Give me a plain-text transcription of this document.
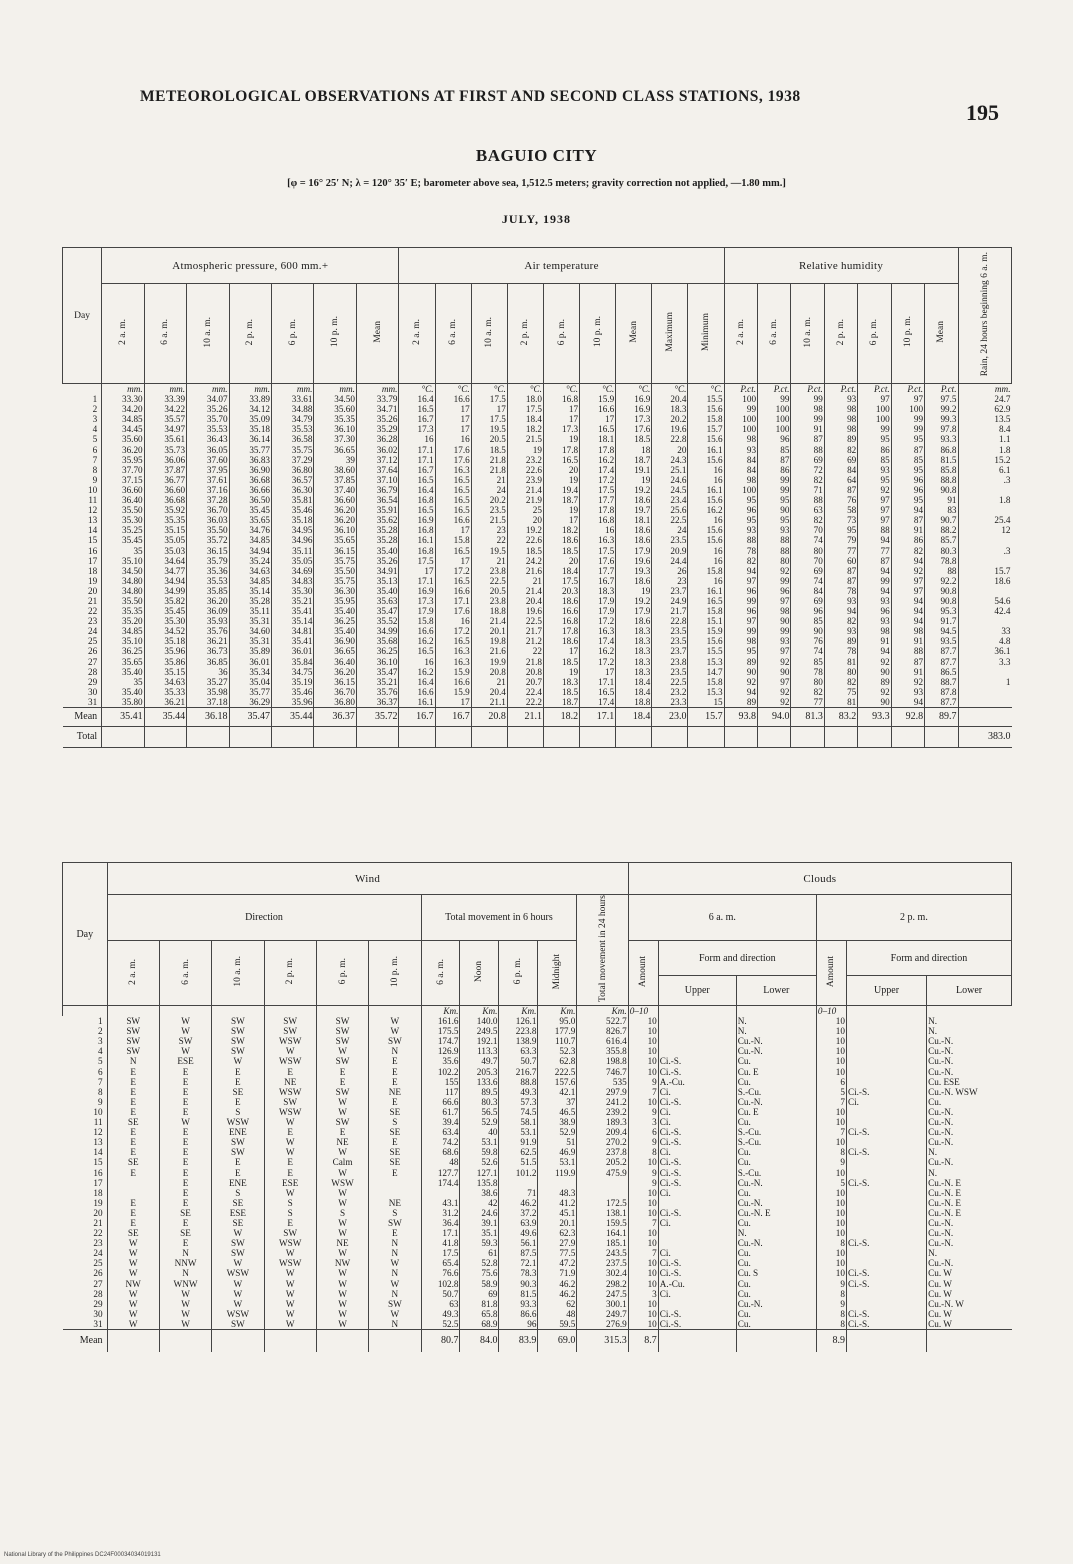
METEOROLOGICAL OBSERVATIONS AT FIRST AND SECOND CLASS STATIONS, 1938
195
BAGUIO CITY
[φ = 16° 25′ N; λ = 120° 35′ E; barometer above sea, 1,512.5 meters; gravity correction not applied, —1.80 mm.]
JULY, 1938
Day	Atmospheric pressure, 600 mm.+							Air temperature									Relative humidity							Rain, 24 hours beginning 6 a. m.
	2 a. m.	6 a. m.	10 a. m.	2 p. m.	6 p. m.	10 p. m.	Mean	2 a. m.	6 a. m.	10 a. m.	2 p. m.	6 p. m.	10 p. m.	Mean	Maximum	Minimum	2 a. m.	6 a. m.	10 a. m.	2 p. m.	6 p. m.	10 p. m.	Mean	
	mm.	mm.	mm.	mm.	mm.	mm.	mm.	°C.	°C.	°C.	°C.	°C.	°C.	°C.	°C.	°C.	P.ct.	P.ct.	P.ct.	P.ct.	P.ct.	P.ct.	P.ct.	mm.
1	33.30	33.39	34.07	33.89	33.61	34.50	33.79	16.4	16.6	17.5	18.0	16.8	15.9	16.9	20.4	15.5	100	99	99	93	97	97	97.5	24.7
2	34.20	34.22	35.26	34.12	34.88	35.60	34.71	16.5	17	17	17.5	17	16.6	16.9	18.3	15.6	99	100	98	98	100	100	99.2	62.9
3	34.85	35.57	35.70	35.09	34.79	35.35	35.26	16.7	17	17.5	18.4	17	17	17.3	20.2	15.8	100	100	99	98	100	99	99.3	13.5
4	34.45	34.97	35.53	35.18	35.53	36.10	35.29	17.3	17	19.5	18.2	17.3	16.5	17.6	19.6	15.7	100	100	91	98	99	99	97.8	8.4
5	35.60	35.61	36.43	36.14	36.58	37.30	36.28	16	16	20.5	21.5	19	18.1	18.5	22.8	15.6	98	96	87	89	95	95	93.3	1.1
6	36.20	35.73	36.05	35.77	35.75	36.65	36.02	17.1	17.6	18.5	19	17.8	17.8	18	20	16.1	93	85	88	82	86	87	86.8	1.8
7	35.95	36.06	37.60	36.83	37.29	39	37.12	17.1	17.6	21.8	23.2	16.5	16.2	18.7	24.3	15.6	84	87	69	69	85	85	81.5	15.2
8	37.70	37.87	37.95	36.90	36.80	38.60	37.64	16.7	16.3	21.8	22.6	20	17.4	19.1	25.1	16	84	86	72	84	93	95	85.8	6.1
9	37.15	36.77	37.61	36.68	36.57	37.85	37.10	16.5	16.5	21	23.9	19	17.2	19	24.6	16	98	99	82	64	95	96	88.8	.3
10	36.60	36.60	37.16	36.66	36.30	37.40	36.79	16.4	16.5	24	21.4	19.4	17.5	19.2	24.5	16.1	100	99	71	87	92	96	90.8	
11	36.40	36.68	37.28	36.50	35.81	36.60	36.54	16.8	16.5	20.2	21.9	18.7	17.7	18.6	23.4	15.6	95	95	88	76	97	95	91	1.8
12	35.50	35.92	36.70	35.45	35.46	36.20	35.91	16.5	16.5	23.5	25	19	17.8	19.7	25.6	16.2	96	90	63	58	97	94	83	
13	35.30	35.35	36.03	35.65	35.18	36.20	35.62	16.9	16.6	21.5	20	17	16.8	18.1	22.5	16	95	95	82	73	97	87	90.7	25.4
14	35.25	35.15	35.50	34.76	34.95	36.10	35.28	16.8	17	23	19.2	18.2	16	18.6	24	15.6	93	93	70	95	88	91	88.2	12
15	35.45	35.05	35.72	34.85	34.96	35.65	35.28	16.1	15.8	22	22.6	18.6	16.3	18.6	23.5	15.6	88	88	74	79	94	86	85.7	
16	35	35.03	36.15	34.94	35.11	36.15	35.40	16.8	16.5	19.5	18.5	18.5	17.5	17.9	20.9	16	78	88	80	77	77	82	80.3	.3
17	35.10	34.64	35.79	35.24	35.05	35.75	35.26	17.5	17	21	24.2	20	17.6	19.6	24.4	16	82	80	70	60	87	94	78.8	
18	34.50	34.77	35.36	34.63	34.69	35.50	34.91	17	17.2	23.8	21.6	18.4	17.7	19.3	26	15.8	94	92	69	87	94	92	88	15.7
19	34.80	34.94	35.53	34.85	34.83	35.75	35.13	17.1	16.5	22.5	21	17.5	16.7	18.6	23	16	97	99	74	87	99	97	92.2	18.6
20	34.80	34.99	35.85	35.14	35.30	36.30	35.40	16.9	16.6	20.5	21.4	20.3	18.3	19	23.7	16.1	96	96	84	78	94	97	90.8	
21	35.50	35.82	36.20	35.28	35.21	35.95	35.63	17.3	17.1	23.8	20.4	18.6	17.9	19.2	24.9	16.5	99	97	69	93	93	94	90.8	54.6
22	35.35	35.45	36.09	35.11	35.41	35.40	35.47	17.9	17.6	18.8	19.6	16.6	17.9	17.9	21.7	15.8	96	98	96	94	96	94	95.3	42.4
23	35.20	35.30	35.93	35.31	35.14	36.25	35.52	15.8	16	21.4	22.5	16.8	17.2	18.6	22.8	15.1	97	90	85	82	93	94	91.7	
24	34.85	34.52	35.76	34.60	34.81	35.40	34.99	16.6	17.2	20.1	21.7	17.8	16.3	18.3	23.5	15.9	99	99	90	93	98	98	94.5	33
25	35.10	35.18	36.21	35.31	35.41	36.90	35.68	16.2	16.5	19.8	21.2	18.6	17.4	18.3	23.5	15.6	98	93	76	89	91	91	93.5	4.8
26	36.25	35.96	36.73	35.89	36.01	36.65	36.25	16.5	16.3	21.6	22	17	16.2	18.3	23.7	15.5	95	97	74	78	94	88	87.7	36.1
27	35.65	35.86	36.85	36.01	35.84	36.40	36.10	16	16.3	19.9	21.8	18.5	17.2	18.3	23.8	15.3	89	92	85	81	92	87	87.7	3.3
28	35.40	35.15	36	35.34	34.75	36.20	35.47	16.2	15.9	20.8	20.8	19	17	18.3	23.5	14.7	90	90	78	80	90	91	86.5	
29	35	34.63	35.27	35.04	35.19	36.15	35.21	16.4	16.6	21	20.7	18.3	17.1	18.4	22.5	15.8	92	97	80	82	89	92	88.7	1
30	35.40	35.33	35.98	35.77	35.46	36.70	35.76	16.6	15.9	20.4	22.4	18.5	16.5	18.4	23.2	15.3	94	92	82	75	92	93	87.8	
31	35.80	36.21	37.18	36.29	35.96	36.80	36.37	16.1	17	21.1	22.2	18.7	17.4	18.8	23.3	15	89	92	77	81	90	94	87.7	
Mean	35.41	35.44	36.18	35.47	35.44	36.37	35.72	16.7	16.7	20.8	21.1	18.2	17.1	18.4	23.0	15.7	93.8	94.0	81.3	83.2	93.3	92.8	89.7	
Total																								383.0
Day	Wind											Clouds					
	Direction						Total movement in 6 hours				Total movement in 24 hours	6 a. m.			2 p. m.		
	2 a. m.	6 a. m.	10 a. m.	2 p. m.	6 p. m.	10 p. m.	6 a. m.	Noon	6 p. m.	Midnight		Amount	Form and direction		Amount	Form and direction	
													Upper	Lower		Upper	Lower
							Km.	Km.	Km.	Km.	Km.	0–10			0–10		
1	SW	W	SW	SW	SW	W	161.6	140.0	126.1	95.0	522.7	10		N.	10		N.
2	SW	W	SW	SW	SW	W	175.5	249.5	223.8	177.9	826.7	10		N.	10		N.
3	SW	SW	SW	WSW	SW	SW	174.7	192.1	138.9	110.7	616.4	10		Cu.-N.	10		Cu.-N.
4	SW	W	SW	W	W	N	126.9	113.3	63.3	52.3	355.8	10		Cu.-N.	10		Cu.-N.
5	N	ESE	W	WSW	SW	E	35.6	49.7	50.7	62.8	198.8	10	Ci.-S.	Cu.	10		Cu.-N.
6	E	E	E	E	E	E	102.2	205.3	216.7	222.5	746.7	10	Ci.-S.	Cu. E	10		Cu.-N.
7	E	E	E	NE	E	E	155	133.6	88.8	157.6	535	9	A.-Cu.	Cu.	6		Cu. ESE
8	E	E	SE	WSW	SW	NE	117	89.5	49.3	42.1	297.9	7	Ci.	S.-Cu.	5	Ci.-S.	Cu.-N. WSW
9	E	E	E	SW	W	E	66.6	80.3	57.3	37	241.2	10	Ci.-S.	Cu.-N.	7	Ci.	Cu.
10	E	E	S	WSW	W	SE	61.7	56.5	74.5	46.5	239.2	9	Ci.	Cu. E	10		Cu.-N.
11	SE	W	WSW	W	SW	S	39.4	52.9	58.1	38.9	189.3	3	Ci.	Cu.	10		Cu.-N.
12	E	E	ENE	E	E	SE	63.4	40	53.1	52.9	209.4	6	Ci.-S.	S.-Cu.	7	Ci.-S.	Cu.-N.
13	E	E	SW	W	NE	E	74.2	53.1	91.9	51	270.2	9	Ci.-S.	S.-Cu.	10		Cu.-N.
14	E	E	SW	W	W	SE	68.6	59.8	62.5	46.9	237.8	8	Ci.	Cu.	8	Ci.-S.	N.
15	SE	E	E	E	Calm	SE	48	52.6	51.5	53.1	205.2	10	Ci.-S.	Cu.	9		Cu.-N.
16	E	E	E	E	W	E	127.7	127.1	101.2	119.9	475.9	9	Ci.-S.	S.-Cu.	10		N.
17		E	ENE	ESE	WSW		174.4	135.8				9	Ci.-S.	Cu.-N.	5	Ci.-S.	Cu.-N. E
18		E	S	W	W			38.6	71	48.3		10	Ci.	Cu.	10		Cu.-N. E
19	E	E	SE	S	W	NE	43.1	42	46.2	41.2	172.5	10		Cu.-N.	10		Cu.-N. E
20	E	SE	ESE	S	S	S	31.2	24.6	37.2	45.1	138.1	10	Ci.-S.	Cu.-N. E	10		Cu.-N. E
21	E	E	SE	E	W	SW	36.4	39.1	63.9	20.1	159.5	7	Ci.	Cu.	10		Cu.-N.
22	SE	SE	W	SW	W	E	17.1	35.1	49.6	62.3	164.1	10		N.	10		Cu.-N.
23	W	E	SW	WSW	NE	N	41.8	59.3	56.1	27.9	185.1	10		Cu.-N.	8	Ci.-S.	Cu.-N.
24	W	N	SW	W	W	N	17.5	61	87.5	77.5	243.5	7	Ci.	Cu.	10		N.
25	W	NNW	W	WSW	NW	W	65.4	52.8	72.1	47.2	237.5	10	Ci.-S.	Cu.	10		Cu.-N.
26	W	N	WSW	W	W	N	76.6	75.6	78.3	71.9	302.4	10	Ci.-S.	Cu. S	10	Ci.-S.	Cu. W
27	NW	WNW	W	W	W	W	102.8	58.9	90.3	46.2	298.2	10	A.-Cu.	Cu.	9	Ci.-S.	Cu. W
28	W	W	W	W	W	N	50.7	69	81.5	46.2	247.5	3	Ci.	Cu.	8		Cu. W
29	W	W	W	W	W	SW	63	81.8	93.3	62	300.1	10		Cu.-N.	9		Cu.-N. W
30	W	W	WSW	W	W	W	49.3	65.8	86.6	48	249.7	10	Ci.-S.	Cu.	8	Ci.-S.	Cu. W
31	W	W	SW	W	W	N	52.5	68.9	96	59.5	276.9	10	Ci.-S.	Cu.	8	Ci.-S.	Cu. W
Mean							80.7	84.0	83.9	69.0	315.3	8.7			8.9		
National Library of the Philippines DC24F00034034019131
